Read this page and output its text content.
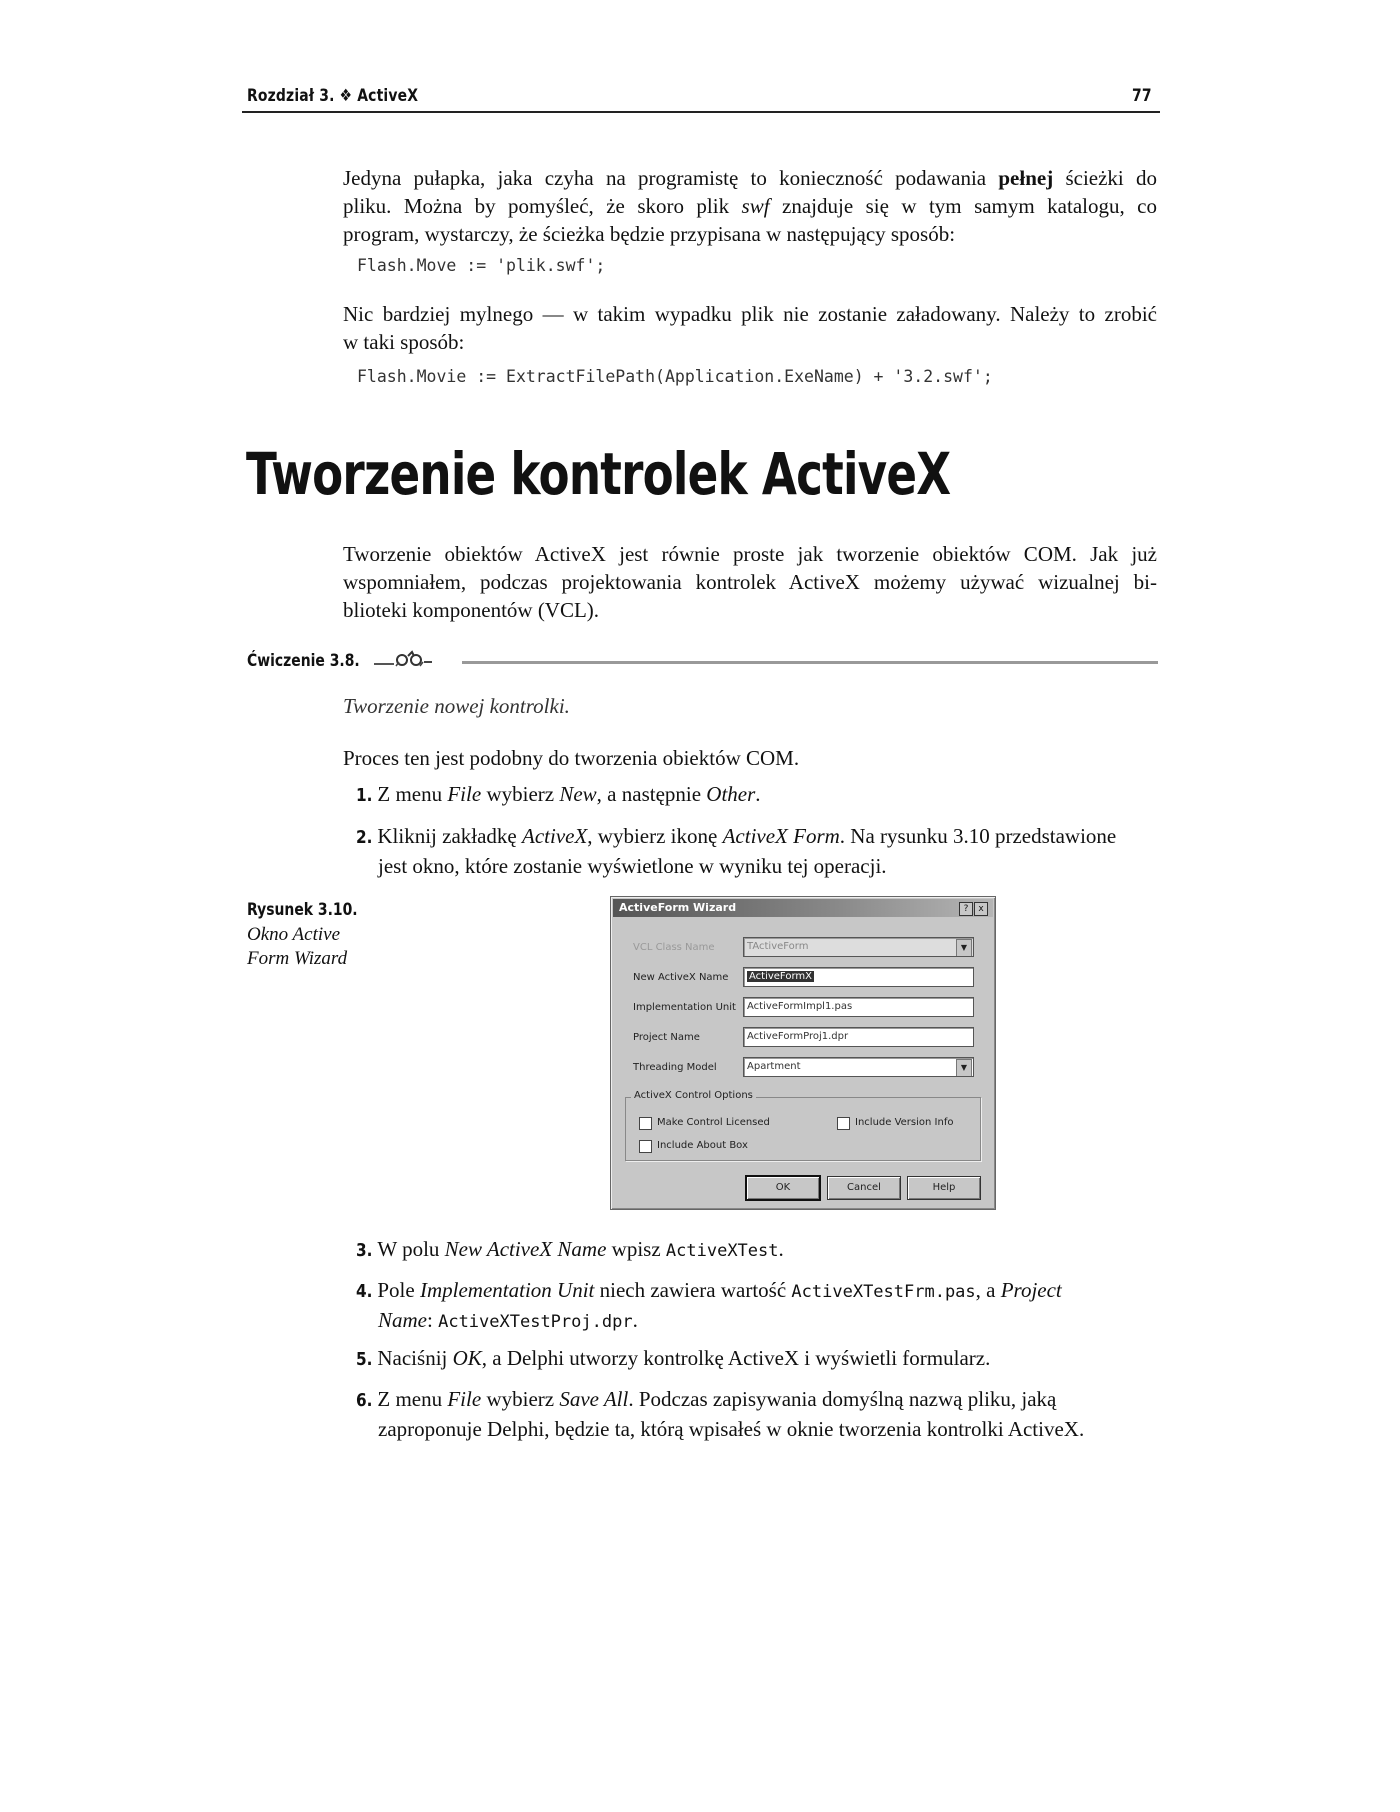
Rozdział 3. ❖ ActiveX	77
Jedyna pułapka, jaka czyha na programistę to konieczność podawania pełnej ścieżki do
pliku. Można by pomyśleć, że skoro plik swf znajduje się w tym samym katalogu, co
program, wystarczy, że ścieżka będzie przypisana w następujący sposób:
Flash.Move := 'plik.swf';
Nic bardziej mylnego — w takim wypadku plik nie zostanie załadowany. Należy to zrobić
w taki sposób:
Flash.Movie := ExtractFilePath(Application.ExeName) + '3.2.swf';
Tworzenie kontrolek ActiveX
Tworzenie obiektów ActiveX jest równie proste jak tworzenie obiektów COM. Jak już
wspomniałem, podczas projektowania kontrolek ActiveX możemy używać wizualnej bi-
blioteki komponentów (VCL).
Ćwiczenie 3.8.
Tworzenie nowej kontrolki.
Proces ten jest podobny do tworzenia obiektów COM.
1. Z menu File wybierz New, a następnie Other.
2. Kliknij zakładkę ActiveX, wybierz ikonę ActiveX Form. Na rysunku 3.10 przedstawione
jest okno, które zostanie wyświetlone w wyniku tej operacji.
Rysunek 3.10.
Okno Active
Form Wizard
ActiveForm Wizard	?	x
VCL Class Name	TActiveForm	▼
New ActiveX Name	ActiveFormX
Implementation Unit	ActiveFormImpl1.pas
Project Name	ActiveFormProj1.dpr
Threading Model	Apartment	▼
ActiveX Control Options
Make Control Licensed	Include Version Info
Include About Box
OK	Cancel	Help
3. W polu New ActiveX Name wpisz ActiveXTest.
4. Pole Implementation Unit niech zawiera wartość ActiveXTestFrm.pas, a Project
Name: ActiveXTestProj.dpr.
5. Naciśnij OK, a Delphi utworzy kontrolkę ActiveX i wyświetli formularz.
6. Z menu File wybierz Save All. Podczas zapisywania domyślną nazwą pliku, jaką
zaproponuje Delphi, będzie ta, którą wpisałeś w oknie tworzenia kontrolki ActiveX.
